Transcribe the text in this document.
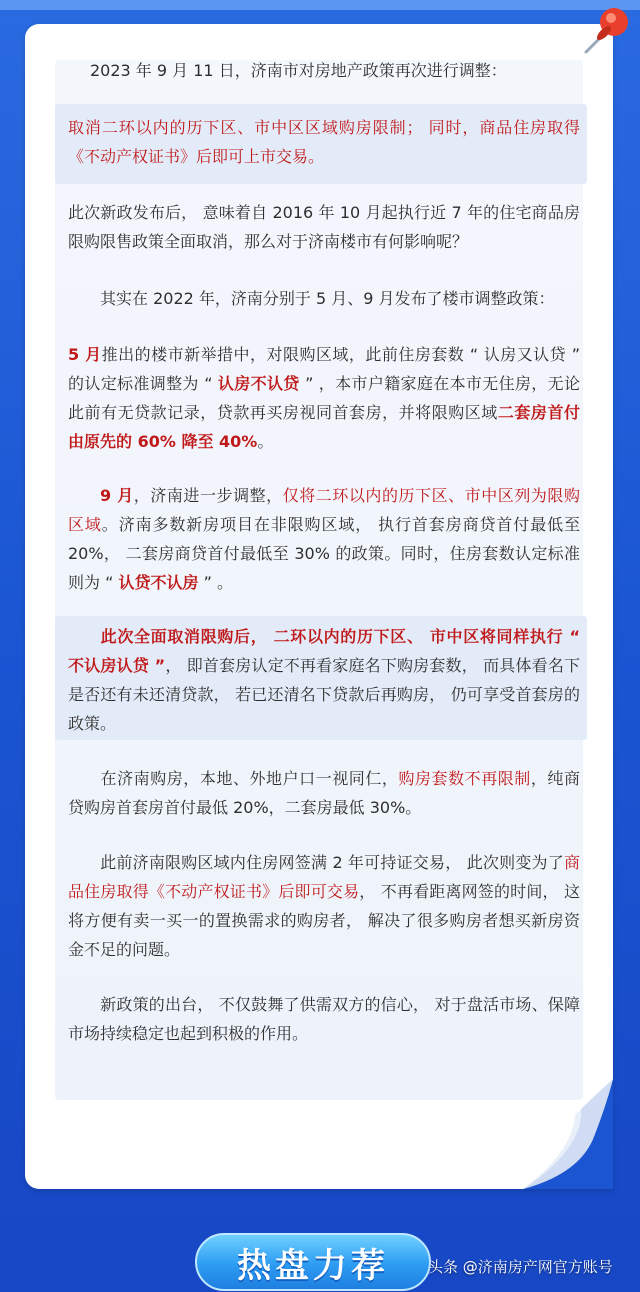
2023 年 9 月 11 日，济南市对房地产政策再次进行调整：

取消二环以内的历下区、市中区区域购房限制； 同时，商品住房取得《不动产权证书》后即可上市交易。

此次新政发布后， 意味着自 2016 年 10 月起执行近 7 年的住宅商品房限购限售政策全面取消，那么对于济南楼市有何影响呢？

其实在 2022 年，济南分别于 5 月、9 月发布了楼市调整政策：

5 月推出的楼市新举措中，对限购区域，此前住房套数 “ 认房又认贷 ” 的认定标准调整为 “ 认房不认贷 ” ，本市户籍家庭在本市无住房，无论此前有无贷款记录，贷款再买房视同首套房，并将限购区域二套房首付由原先的 60% 降至 40%。

9 月，济南进一步调整，仅将二环以内的历下区、市中区列为限购区域。济南多数新房项目在非限购区域， 执行首套房商贷首付最低至 20%， 二套房商贷首付最低至 30% 的政策。同时，住房套数认定标准则为 “ 认贷不认房 ” 。

此次全面取消限购后， 二环以内的历下区、 市中区将同样执行 “ 不认房认贷 ”， 即首套房认定不再看家庭名下购房套数， 而具体看名下是否还有未还清贷款， 若已还清名下贷款后再购房， 仍可享受首套房的政策。

在济南购房，本地、外地户口一视同仁，购房套数不再限制，纯商贷购房首套房首付最低 20%，二套房最低 30%。

此前济南限购区域内住房网签满 2 年可持证交易， 此次则变为了商品住房取得《不动产权证书》后即可交易， 不再看距离网签的时间， 这将方便有卖一买一的置换需求的购房者， 解决了很多购房者想买新房资金不足的问题。

新政策的出台， 不仅鼓舞了供需双方的信心， 对于盘活市场、保障市场持续稳定也起到积极的作用。

热盘力荐	头条 @济南房产网官方账号
